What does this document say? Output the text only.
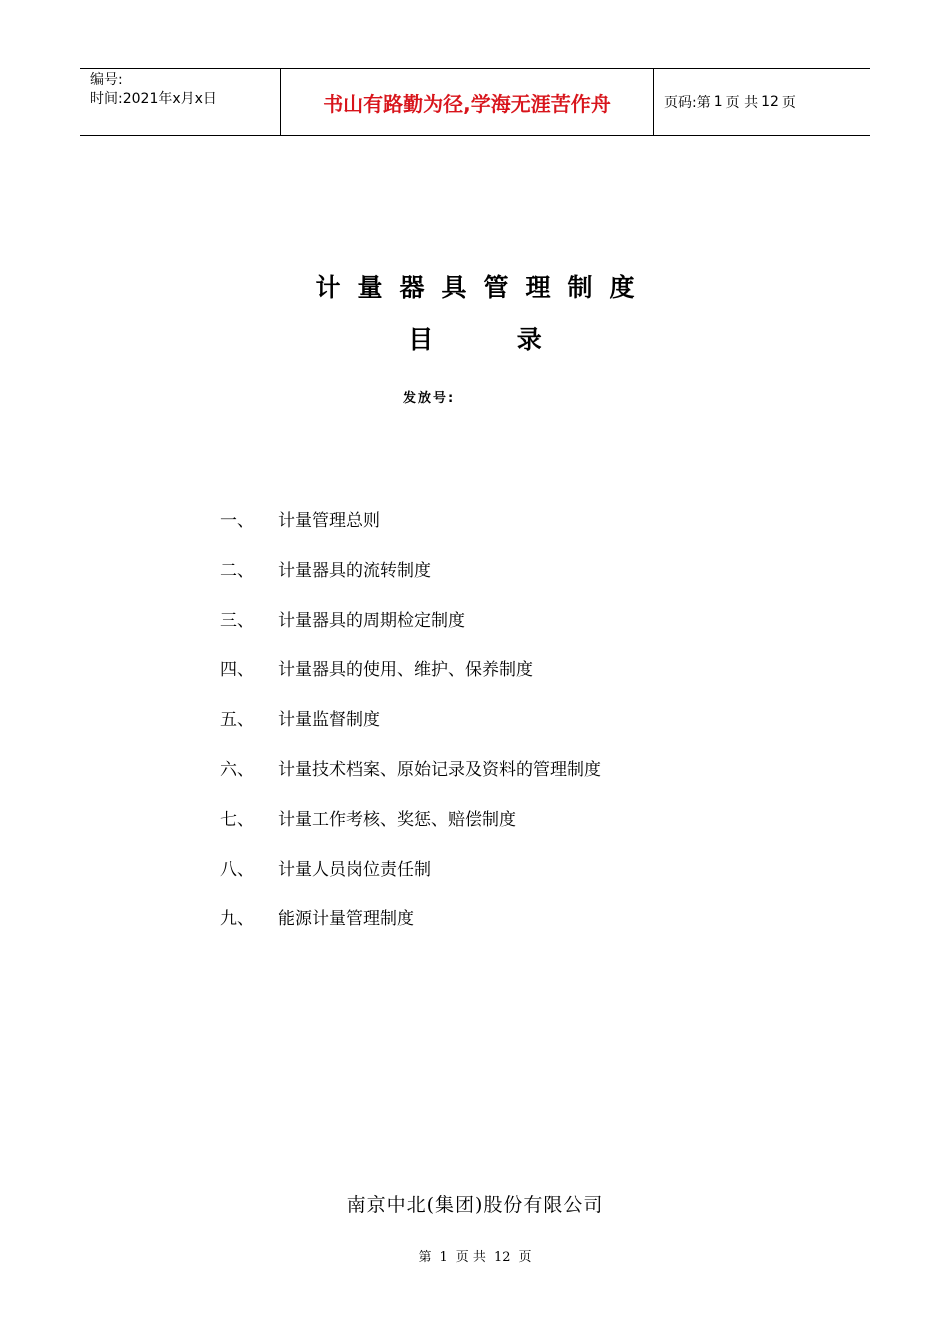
编号:
时间:2021年x月x日	书山有路勤为径,学海无涯苦作舟	页码:第 1 页 共 12 页
计量器具管理制度
目	录
发放号:
一、	计量管理总则
二、	计量器具的流转制度
三、	计量器具的周期检定制度
四、	计量器具的使用、维护、保养制度
五、	计量监督制度
六、	计量技术档案、原始记录及资料的管理制度
七、	计量工作考核、奖惩、赔偿制度
八、	计量人员岗位责任制
九、	能源计量管理制度
南京中北(集团)股份有限公司
第 1 页 共 12 页
